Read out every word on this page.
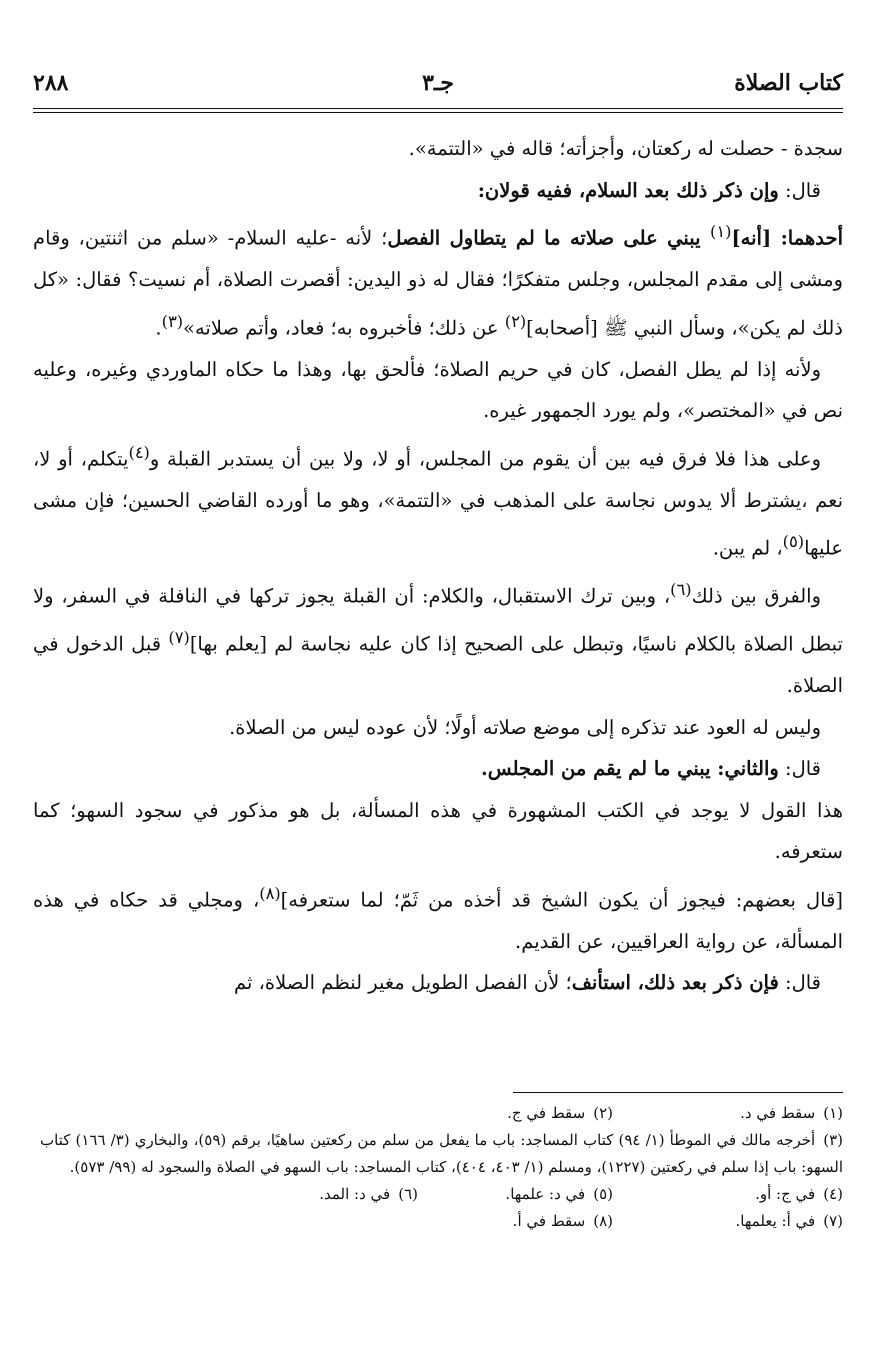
كتاب الصلاة
جـ٣
٢٨٨

سجدة - حصلت له ركعتان، وأجزأته؛ قاله في «التتمة».

قال: وإن ذكر ذلك بعد السلام، ففيه قولان:

أحدهما: [أنه]$^{(١)}$ يبني على صلاته ما لم يتطاول الفصل؛ لأنه -عليه السلام- «سلم من اثنتين، وقام ومشى إلى مقدم المجلس، وجلس متفكرًا؛ فقال له ذو اليدين: أقصرت الصلاة، أم نسيت؟ فقال: «كل ذلك لم يكن»، وسأل النبي ﷺ [أصحابه]$^{(٢)}$ عن ذلك؛ فأخبروه به؛ فعاد، وأتم صلاته»$^{(٣)}$.

ولأنه إذا لم يطل الفصل، كان في حريم الصلاة؛ فألحق بها، وهذا ما حكاه الماوردي وغيره، وعليه نص في «المختصر»، ولم يورد الجمهور غيره.

وعلى هذا فلا فرق فيه بين أن يقوم من المجلس، أو لا، ولا بين أن يستدبر القبلة و$^{(٤)}$يتكلم، أو لا، نعم ،يشترط ألا يدوس نجاسة على المذهب في «التتمة»، وهو ما أورده القاضي الحسين؛ فإن مشى عليها$^{(٥)}$، لم يبن.

والفرق بين ذلك$^{(٦)}$، وبين ترك الاستقبال، والكلام: أن القبلة يجوز تركها في النافلة في السفر، ولا تبطل الصلاة بالكلام ناسيًا، وتبطل على الصحيح إذا كان عليه نجاسة لم [يعلم بها]$^{(٧)}$ قبل الدخول في الصلاة.

وليس له العود عند تذكره إلى موضع صلاته أولًا؛ لأن عوده ليس من الصلاة.

قال: والثاني: يبني ما لم يقم من المجلس.

هذا القول لا يوجد في الكتب المشهورة في هذه المسألة، بل هو مذكور في سجود السهو؛ كما ستعرفه.

[قال بعضهم: فيجوز أن يكون الشيخ قد أخذه من ثَمّ؛ لما ستعرفه]$^{(٨)}$، ومجلي قد حكاه في هذه المسألة، عن رواية العراقيين، عن القديم.

قال: فإن ذكر بعد ذلك، استأنف؛ لأن الفصل الطويل مغير لنظم الصلاة، ثم

(١)سقط في د.
(٢)سقط في ج.
(٣)أخرجه مالك في الموطأ (١/ ٩٤) كتاب المساجد: باب ما يفعل من سلم من ركعتين ساهيًا، برقم (٥٩)، والبخاري (٣/ ١٦٦) كتاب السهو: باب إذا سلم في ركعتين (١٢٢٧)، ومسلم (١/ ٤٠٣، ٤٠٤)، كتاب المساجد: باب السهو في الصلاة والسجود له (٩٩/ ٥٧٣).
(٤)في ج: أو.
(٥)في د: علمها.
(٦)في د: المد.
(٧)في أ: يعلمها.
(٨)سقط في أ.
